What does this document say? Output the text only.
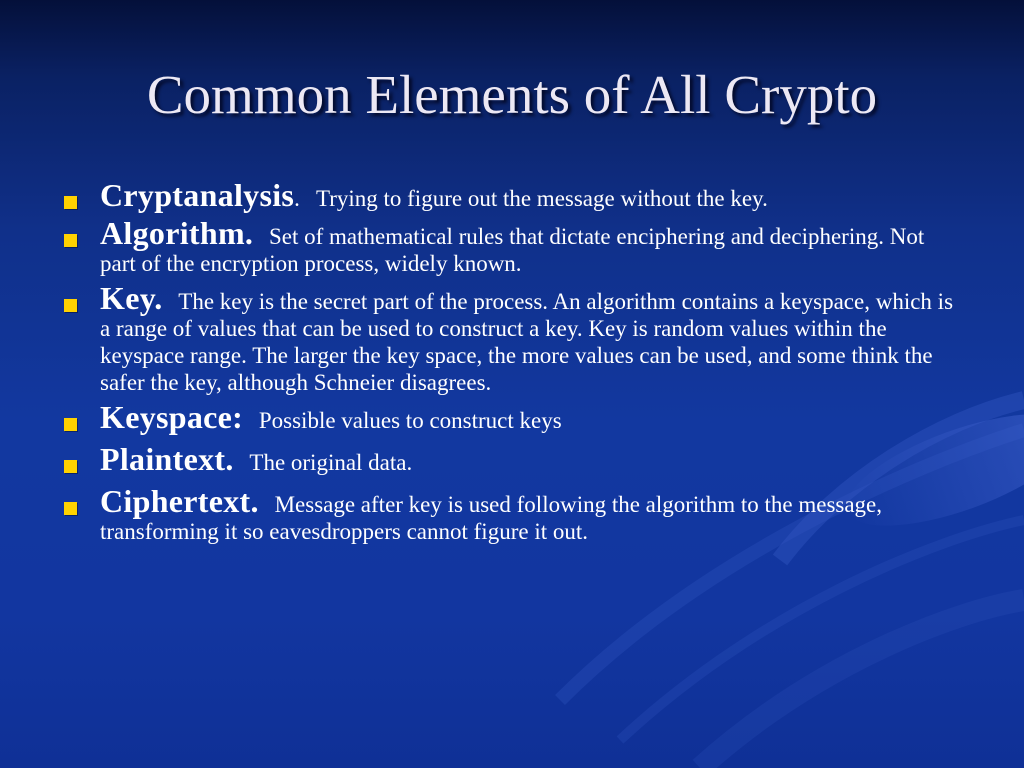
Common Elements of All Crypto
Cryptanalysis. Trying to figure out the message without the key.
Algorithm. Set of mathematical rules that dictate enciphering and deciphering. Not part of the encryption process, widely known.
Key. The key is the secret part of the process. An algorithm contains a keyspace, which is a range of values that can be used to construct a key. Key is random values within the keyspace range. The larger the key space, the more values can be used, and some think the safer the key, although Schneier disagrees.
Keyspace: Possible values to construct keys
Plaintext. The original data.
Ciphertext. Message after key is used following the algorithm to the message, transforming it so eavesdroppers cannot figure it out.
